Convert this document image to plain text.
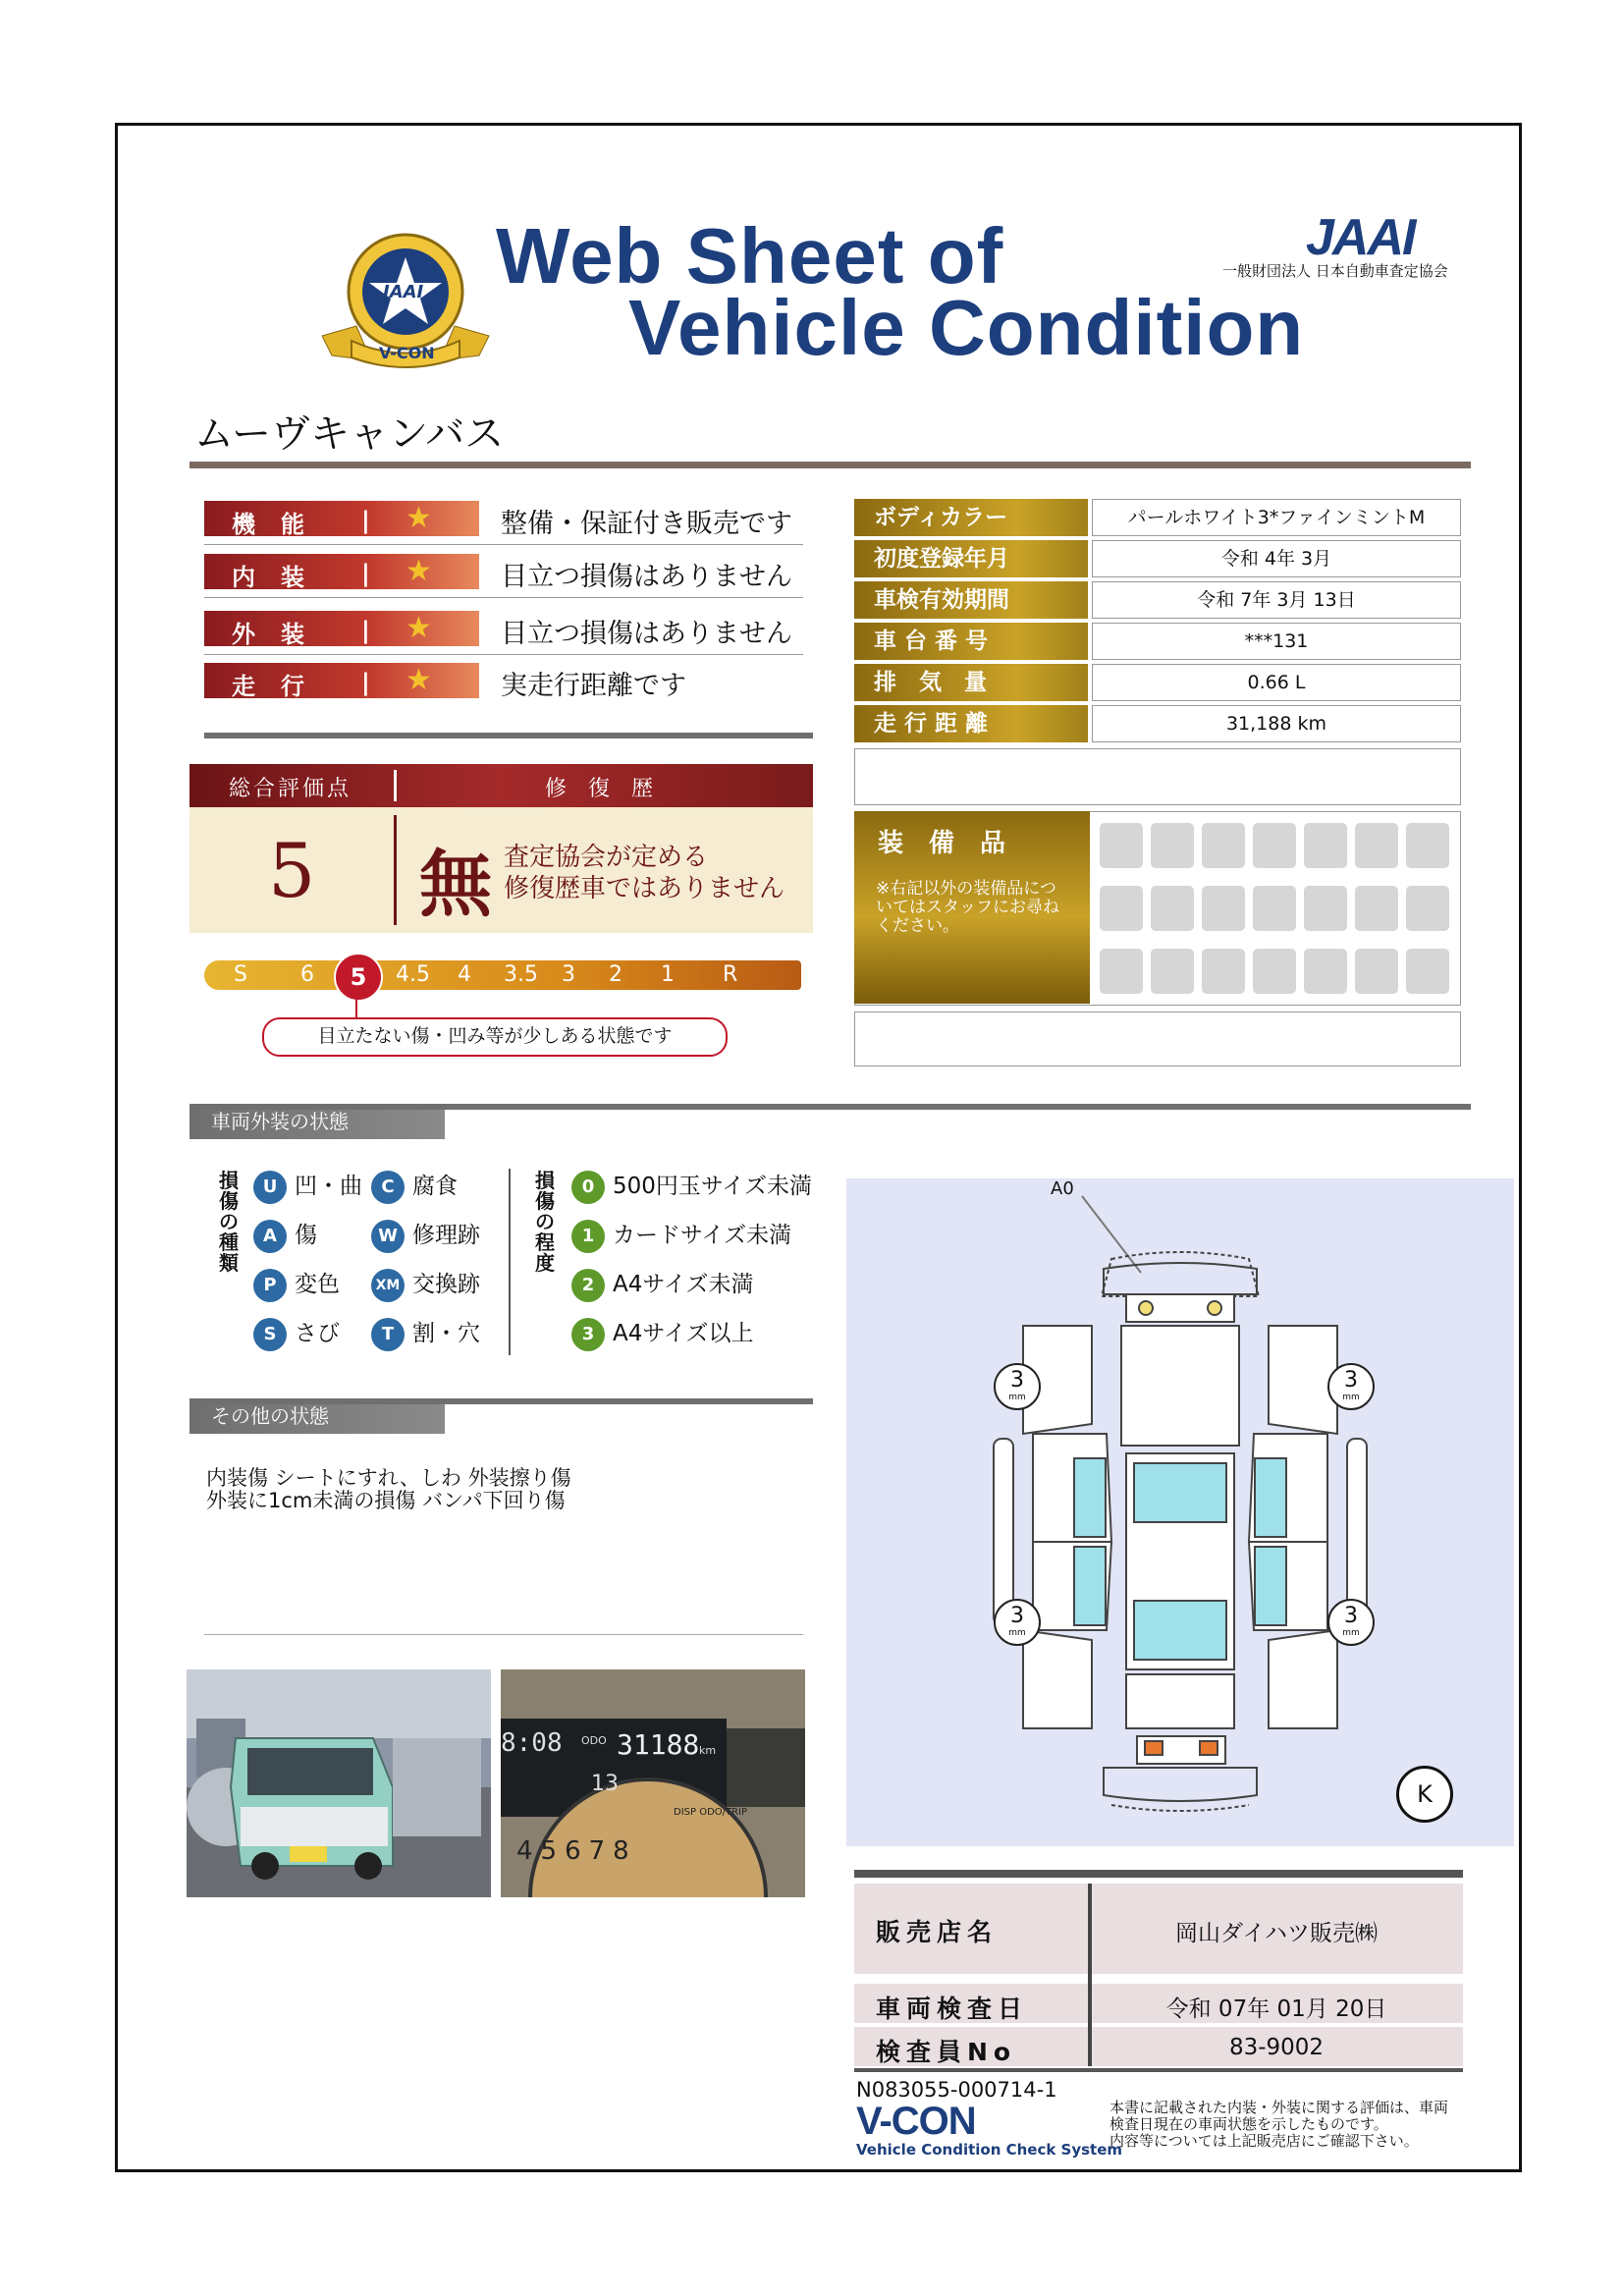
JAAI
V-CON
Web Sheet of
Vehicle Condition
JAAI
一般財団法人 日本自動車査定協会
ムーヴキャンバス
機能 | ★	整備・保証付き販売です
内装 | ★	目立つ損傷はありません
外装 | ★	目立つ損傷はありません
走行 | ★	実走行距離です
ボディカラー	パールホワイト3*ファインミントM
初度登録年月	令和 4年 3月
車検有効期間	令和 7年 3月 13日
車 台 番 号	***131
排　気　量	0.66 L
走 行 距 離	31,188 km
装　備　品
※右記以外の装備品についてはスタッフにお尋ねください。
総合評価点	修　復　歴
5 無 査定協会が定める
修復歴車ではありません
S 6	4.5 4 3.5 3 2 1 R
5
目立たない傷・凹み等が少しある状態です
車両外装の状態
損傷の種類
U 凹・曲	C 腐食
A 傷	W 修理跡
P 変色	XM 交換跡
S さび	T 割・穴
損傷の程度
0 500円玉サイズ未満
1 カードサイズ未満
2 A4サイズ未満
3 A4サイズ以上
その他の状態
内装傷 シートにすれ、しわ 外装擦り傷
外装に1cm未満の損傷 バンパ下回り傷
8:08 ODO 31188 km
13
DISP ODO/TRIP
45678
A0
3
mm
3
mm
3
mm
3
mm
K
販売店名	岡山ダイハツ販売㈱
車両検査日	令和 07年 01月 20日
検査員No	83-9002
N083055-000714-1
V-CON
Vehicle Condition Check System
本書に記載された内装・外装に関する評価は、車両
検査日現在の車両状態を示したものです。
内容等については上記販売店にご確認下さい。
